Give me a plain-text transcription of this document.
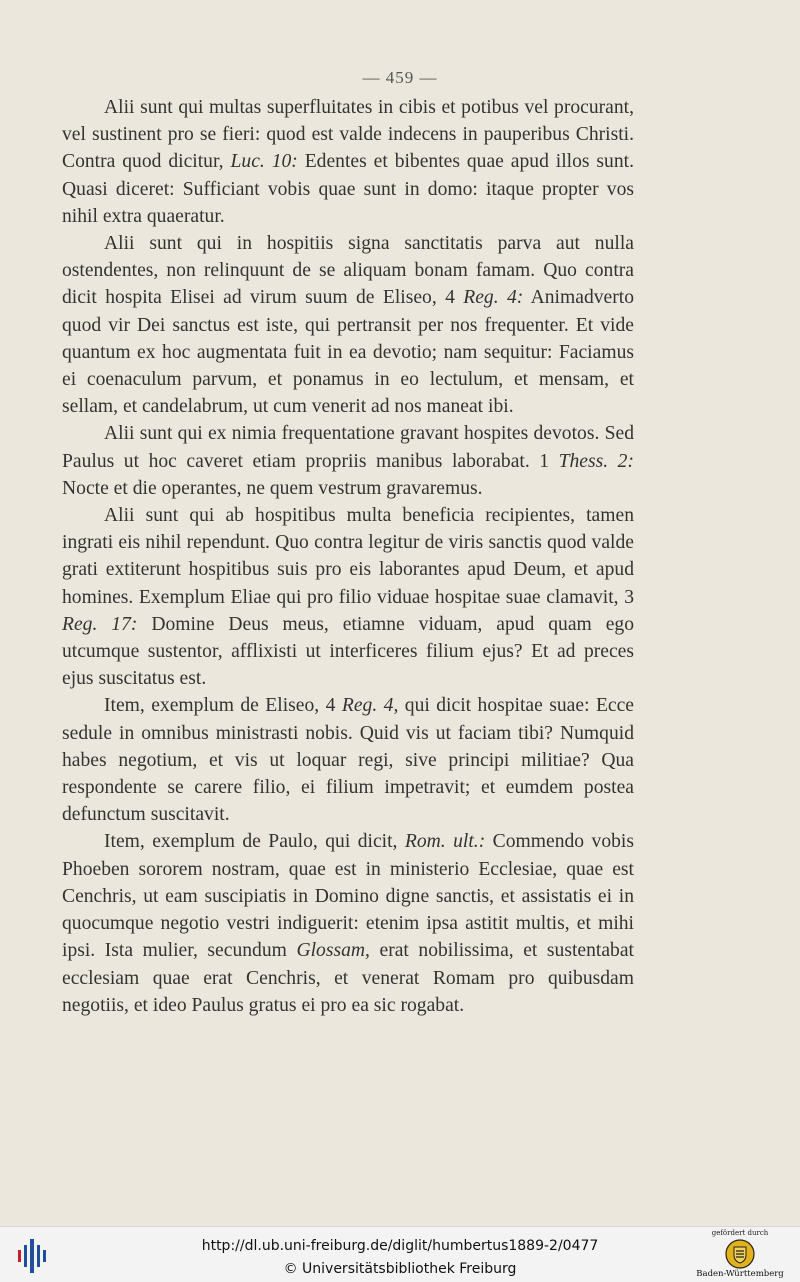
— 459 —

Alii sunt qui multas superfluitates in cibis et potibus vel procurant, vel sustinent pro se fieri: quod est valde indecens in pauperibus Christi. Contra quod dicitur, Luc. 10: Edentes et bibentes quae apud illos sunt. Quasi diceret: Sufficiant vobis quae sunt in domo: itaque propter vos nihil extra quaeratur.

Alii sunt qui in hospitiis signa sanctitatis parva aut nulla ostendentes, non relinquunt de se aliquam bonam famam. Quo contra dicit hospita Elisei ad virum suum de Eliseo, 4 Reg. 4: Animadverto quod vir Dei sanctus est iste, qui pertransit per nos frequenter. Et vide quantum ex hoc augmentata fuit in ea devotio; nam sequitur: Faciamus ei coenaculum parvum, et ponamus in eo lectulum, et mensam, et sellam, et candelabrum, ut cum venerit ad nos maneat ibi.

Alii sunt qui ex nimia frequentatione gravant hospites devotos. Sed Paulus ut hoc caveret etiam propriis manibus laborabat. 1 Thess. 2: Nocte et die operantes, ne quem vestrum gravaremus.

Alii sunt qui ab hospitibus multa beneficia recipientes, tamen ingrati eis nihil rependunt. Quo contra legitur de viris sanctis quod valde grati extiterunt hospitibus suis pro eis laborantes apud Deum, et apud homines. Exemplum Eliae qui pro filio viduae hospitae suae clamavit, 3 Reg. 17: Domine Deus meus, etiamne viduam, apud quam ego utcumque sustentor, afflixisti ut interficeres filium ejus? Et ad preces ejus suscitatus est.

Item, exemplum de Eliseo, 4 Reg. 4, qui dicit hospitae suae: Ecce sedule in omnibus ministrasti nobis. Quid vis ut faciam tibi? Numquid habes negotium, et vis ut loquar regi, sive principi militiae? Qua respondente se carere filio, ei filium impetravit; et eumdem postea defunctum suscitavit.

Item, exemplum de Paulo, qui dicit, Rom. ult.: Commendo vobis Phoeben sororem nostram, quae est in ministerio Ecclesiae, quae est Cenchris, ut eam suscipiatis in Domino digne sanctis, et assistatis ei in quocumque negotio vestri indiguerit: etenim ipsa astitit multis, et mihi ipsi. Ista mulier, secundum Glossam, erat nobilissima, et sustentabat ecclesiam quae erat Cenchris, et venerat Romam pro quibusdam negotiis, et ideo Paulus gratus ei pro ea sic rogabat.

http://dl.ub.uni-freiburg.de/diglit/humbertus1889-2/0477
© Universitätsbibliothek Freiburg
gefördert durch
Baden-Württemberg
